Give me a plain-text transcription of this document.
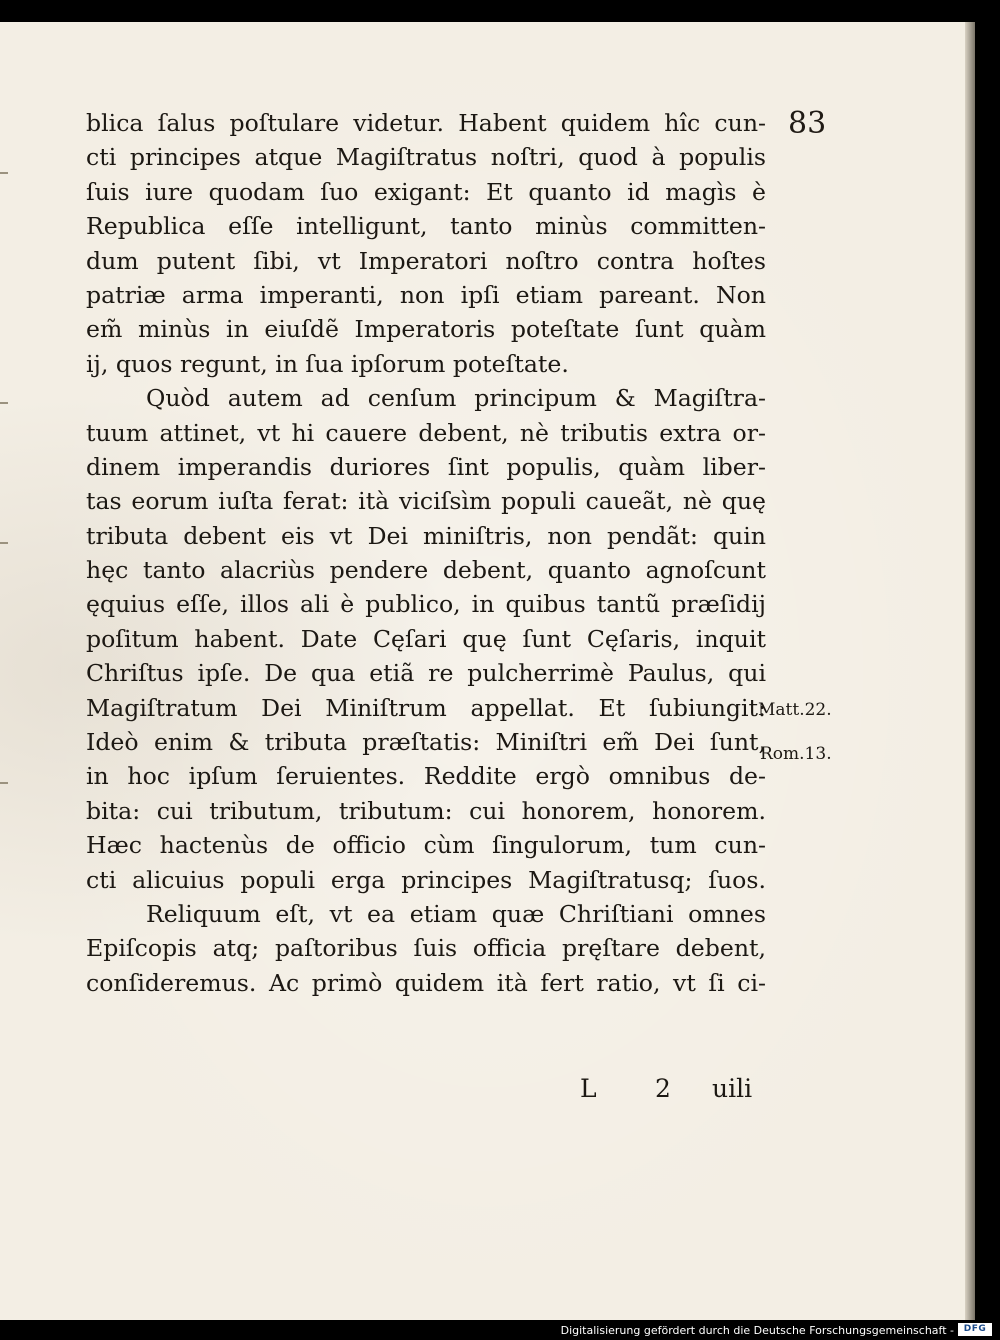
83
blica ſalus poſtulare videtur. Habent quidem hîc cun-
cti principes atque Magiſtratus noſtri, quod à populis
ſuis iure quodam ſuo exigant: Et quanto id magìs è
Republica eſſe intelligunt, tanto minùs committen-
dum putent ſibi, vt Imperatori noſtro contra hoſtes
patriæ arma imperanti, non ipſi etiam pareant. Non
em̃ minùs in eiuſdẽ Imperatoris poteſtate ſunt quàm
ij, quos regunt, in ſua ipſorum poteſtate.
Quòd autem ad cenſum principum & Magiſtra-
tuum attinet, vt hi cauere debent, nè tributis extra or-
dinem imperandis duriores ſint populis, quàm liber-
tas eorum iuſta ferat: ità viciſsìm populi caueãt, nè quę
tributa debent eis vt Dei miniſtris, non pendãt: quin
hęc tanto alacriùs pendere debent, quanto agnoſcunt
ęquius eſſe, illos ali è publico, in quibus tantũ præſidij
poſitum habent. Date Cęſari quę ſunt Cęſaris, inquit
Chriſtus ipſe. De qua etiã re pulcherrimè Paulus, qui
Magiſtratum Dei Miniſtrum appellat. Et ſubiungit:
Ideò enim & tributa præſtatis: Miniſtri em̃ Dei ſunt,
in hoc ipſum ſeruientes. Reddite ergò omnibus de-
bita: cui tributum, tributum: cui honorem, honorem.
Hæc hactenùs de officio cùm ſingulorum, tum cun-
cti alicuius populi erga principes Magiſtratusq; ſuos.
Reliquum eſt, vt ea etiam quæ Chriſtiani omnes
Epiſcopis atq; paſtoribus ſuis officia pręſtare debent,
conſideremus. Ac primò quidem ità fert ratio, vt ſi ci-
Matt.22.
Rom.13.
L 2 uili
Digitalisierung gefördert durch die Deutsche Forschungsgemeinschaft -	DFG
